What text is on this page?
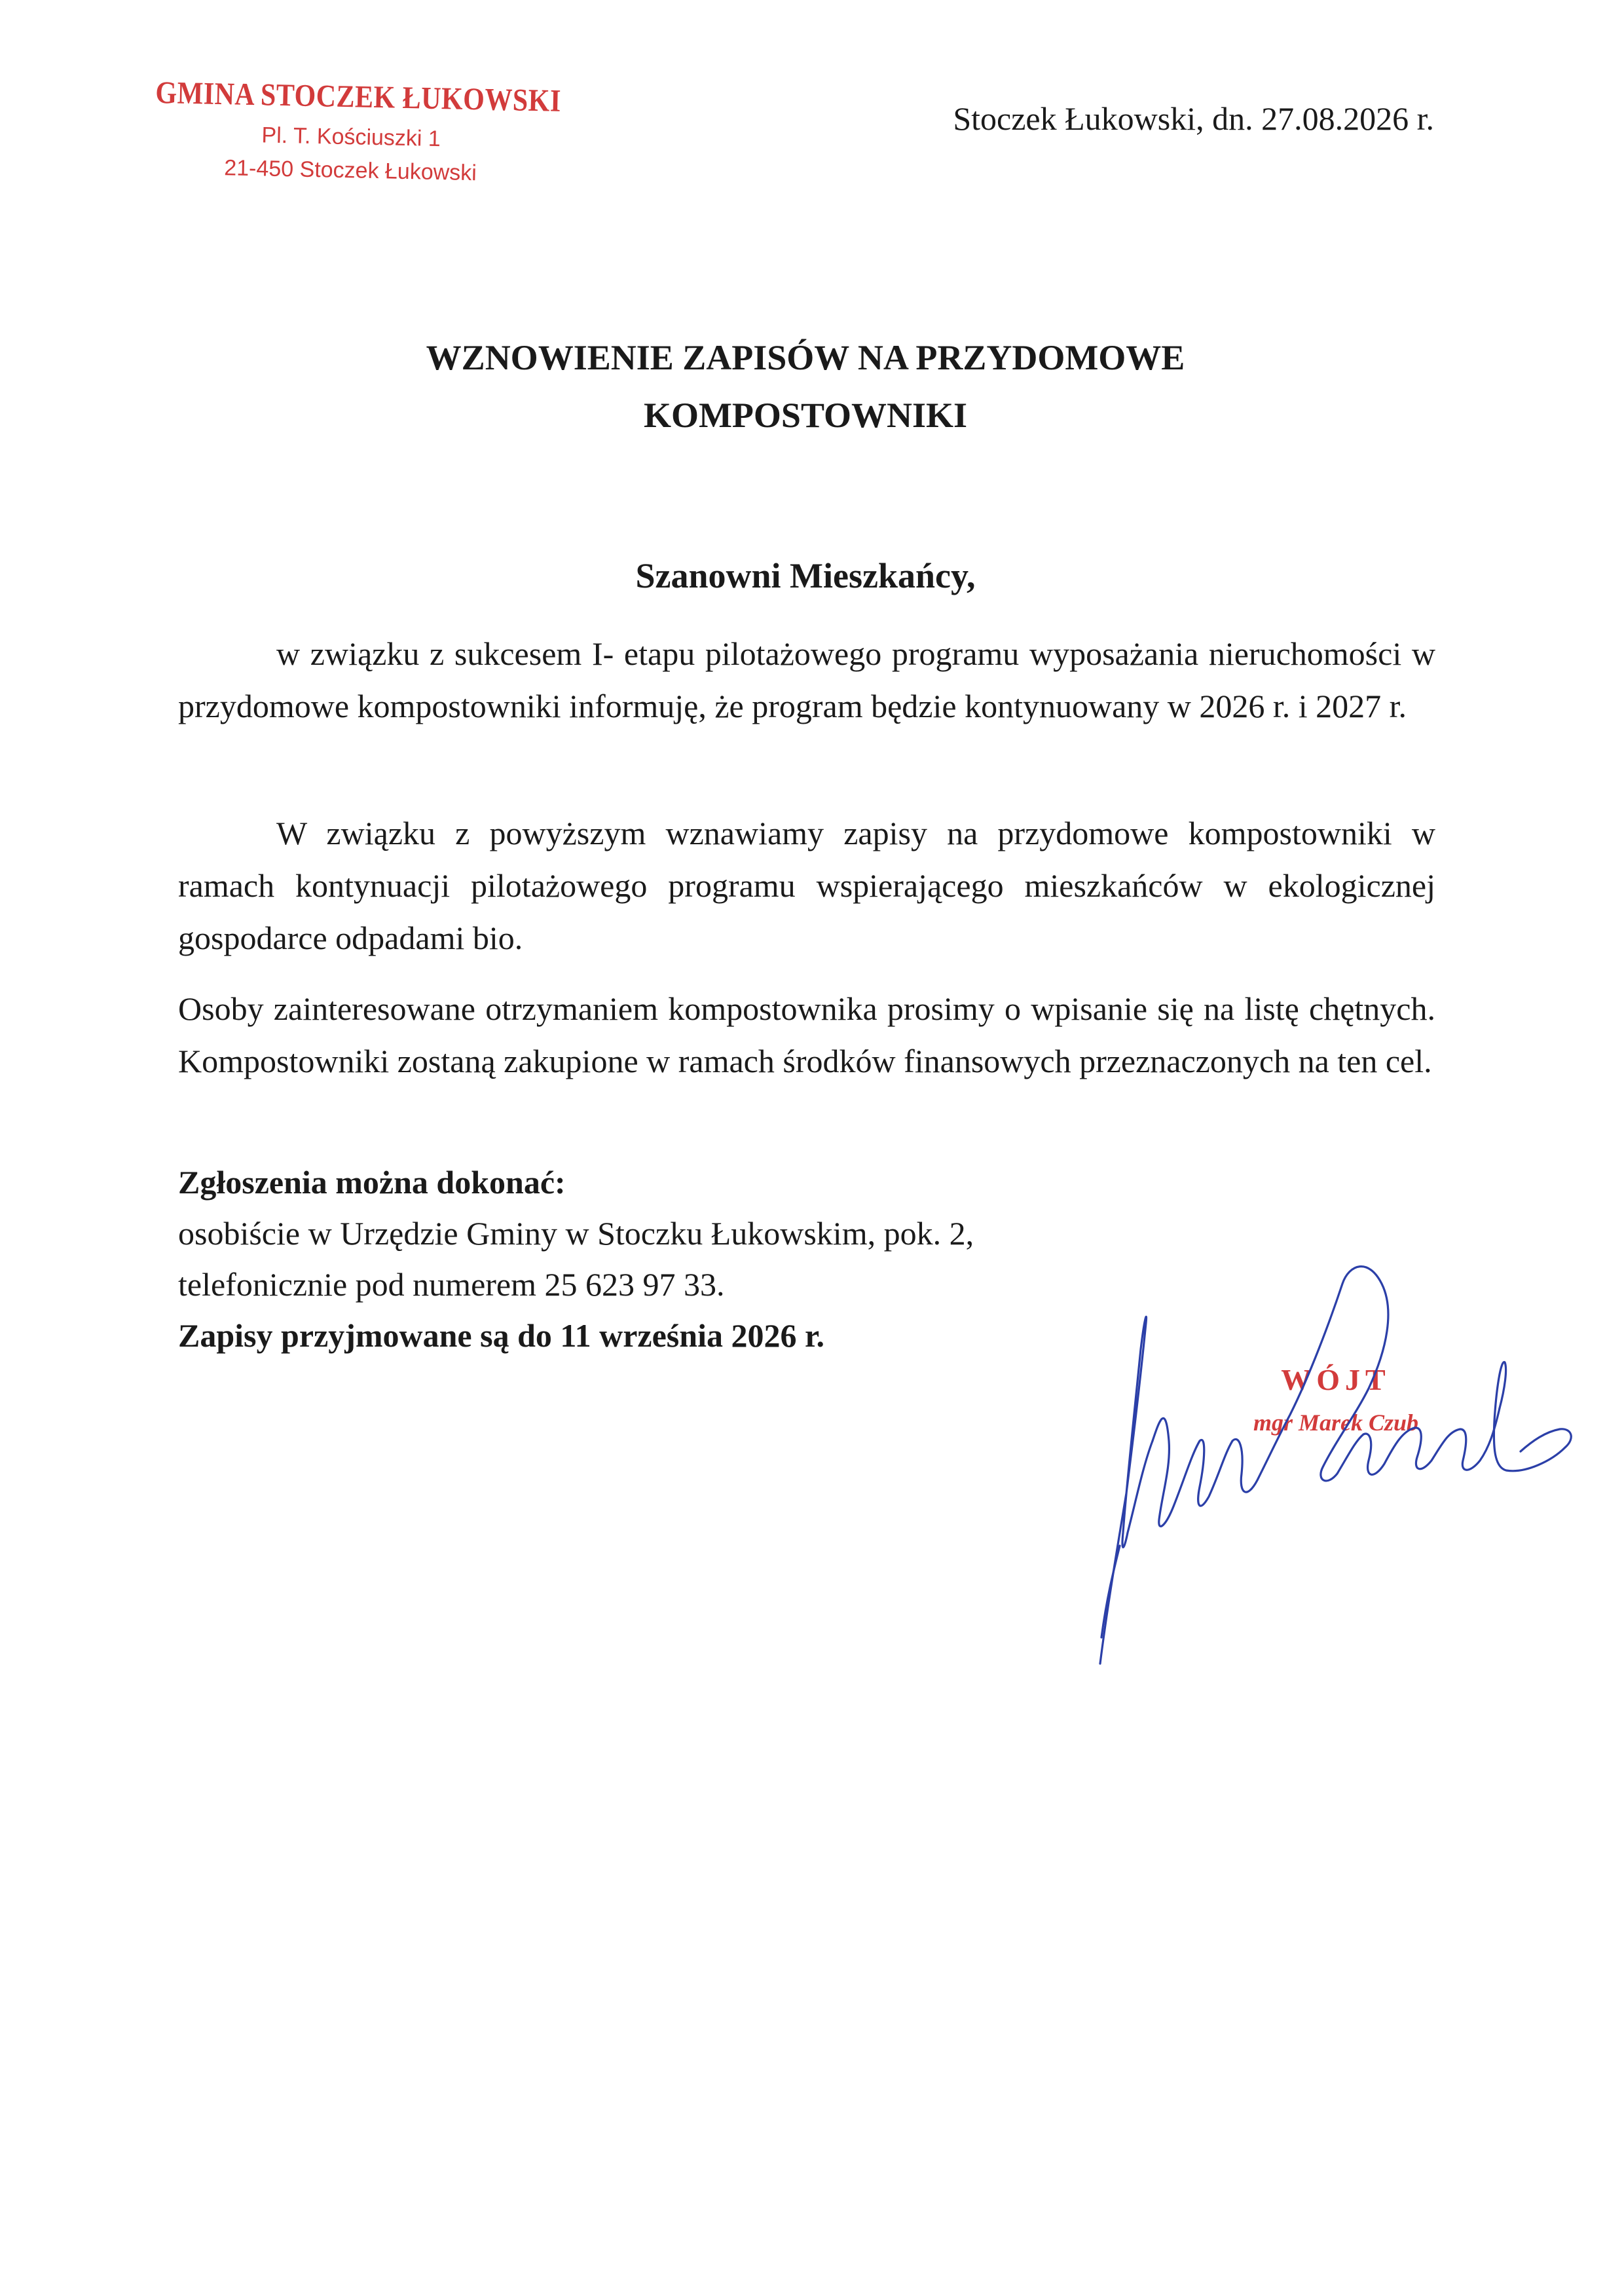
GMINA STOCZEK ŁUKOWSKI
Pl. T. Kościuszki 1
21-450 Stoczek Łukowski
Stoczek Łukowski, dn. 27.08.2026 r.
WZNOWIENIE ZAPISÓW NA PRZYDOMOWE
KOMPOSTOWNIKI
Szanowni Mieszkańcy,
w związku z sukcesem I- etapu pilotażowego programu wyposażania nieruchomości w przydomowe kompostowniki informuję, że program będzie kontynuowany w 2026 r. i 2027 r.
W związku z powyższym wznawiamy zapisy na przydomowe kompostowniki w ramach kontynuacji pilotażowego programu wspierającego mieszkańców w ekologicznej gospodarce odpadami bio.
Osoby zainteresowane otrzymaniem kompostownika prosimy o wpisanie się na listę chętnych. Kompostowniki zostaną zakupione w ramach środków finansowych przeznaczonych na ten cel.
Zgłoszenia można dokonać:
osobiście w Urzędzie Gminy w Stoczku Łukowskim, pok. 2,
telefonicznie pod numerem 25 623 97 33.
Zapisy przyjmowane są do 11 września 2026 r.
WÓJT
mgr Marek Czub
